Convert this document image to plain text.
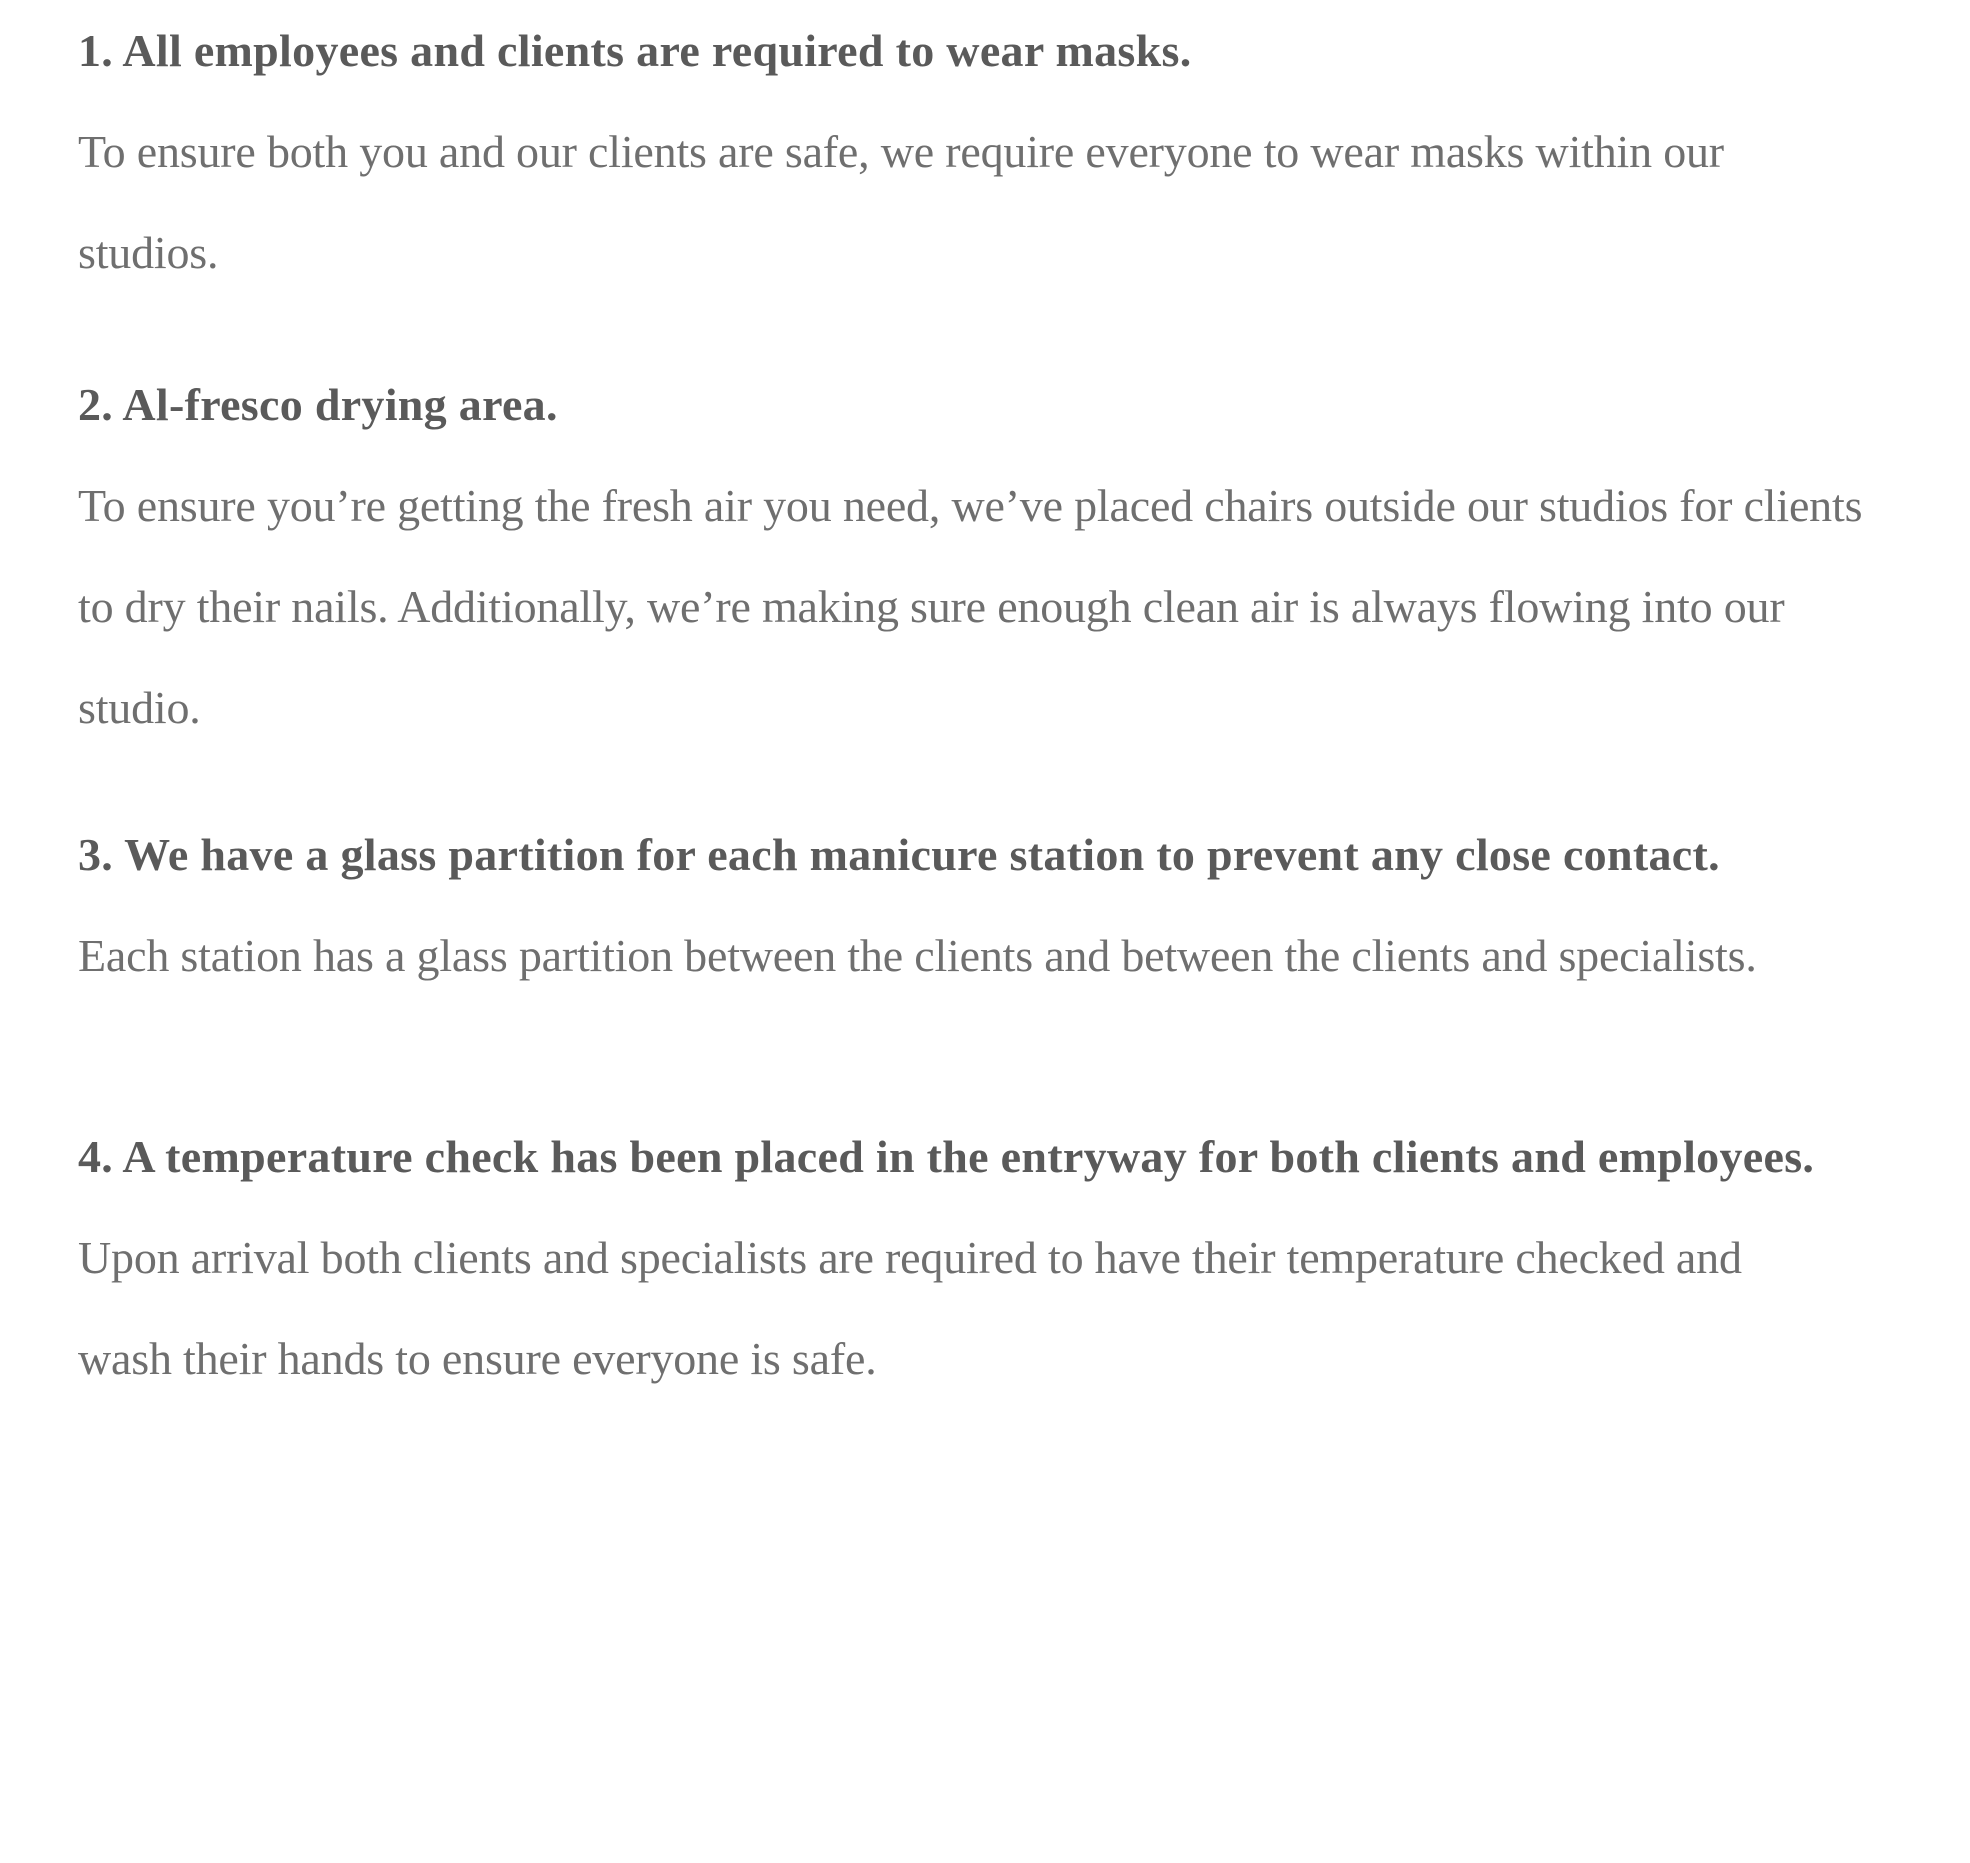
1. All employees and clients are required to wear masks.

To ensure both you and our clients are safe, we require everyone to wear masks within our studios.

2. Al-fresco drying area.

To ensure you’re getting the fresh air you need, we’ve placed chairs outside our studios for clients to dry their nails. Additionally, we’re making sure enough clean air is always flowing into our studio.

3. We have a glass partition for each manicure station to prevent any close contact.

Each station has a glass partition between the clients and between the clients and specialists.

4. A temperature check has been placed in the entryway for both clients and employees.

Upon arrival both clients and specialists are required to have their temperature checked and wash their hands to ensure everyone is safe.
